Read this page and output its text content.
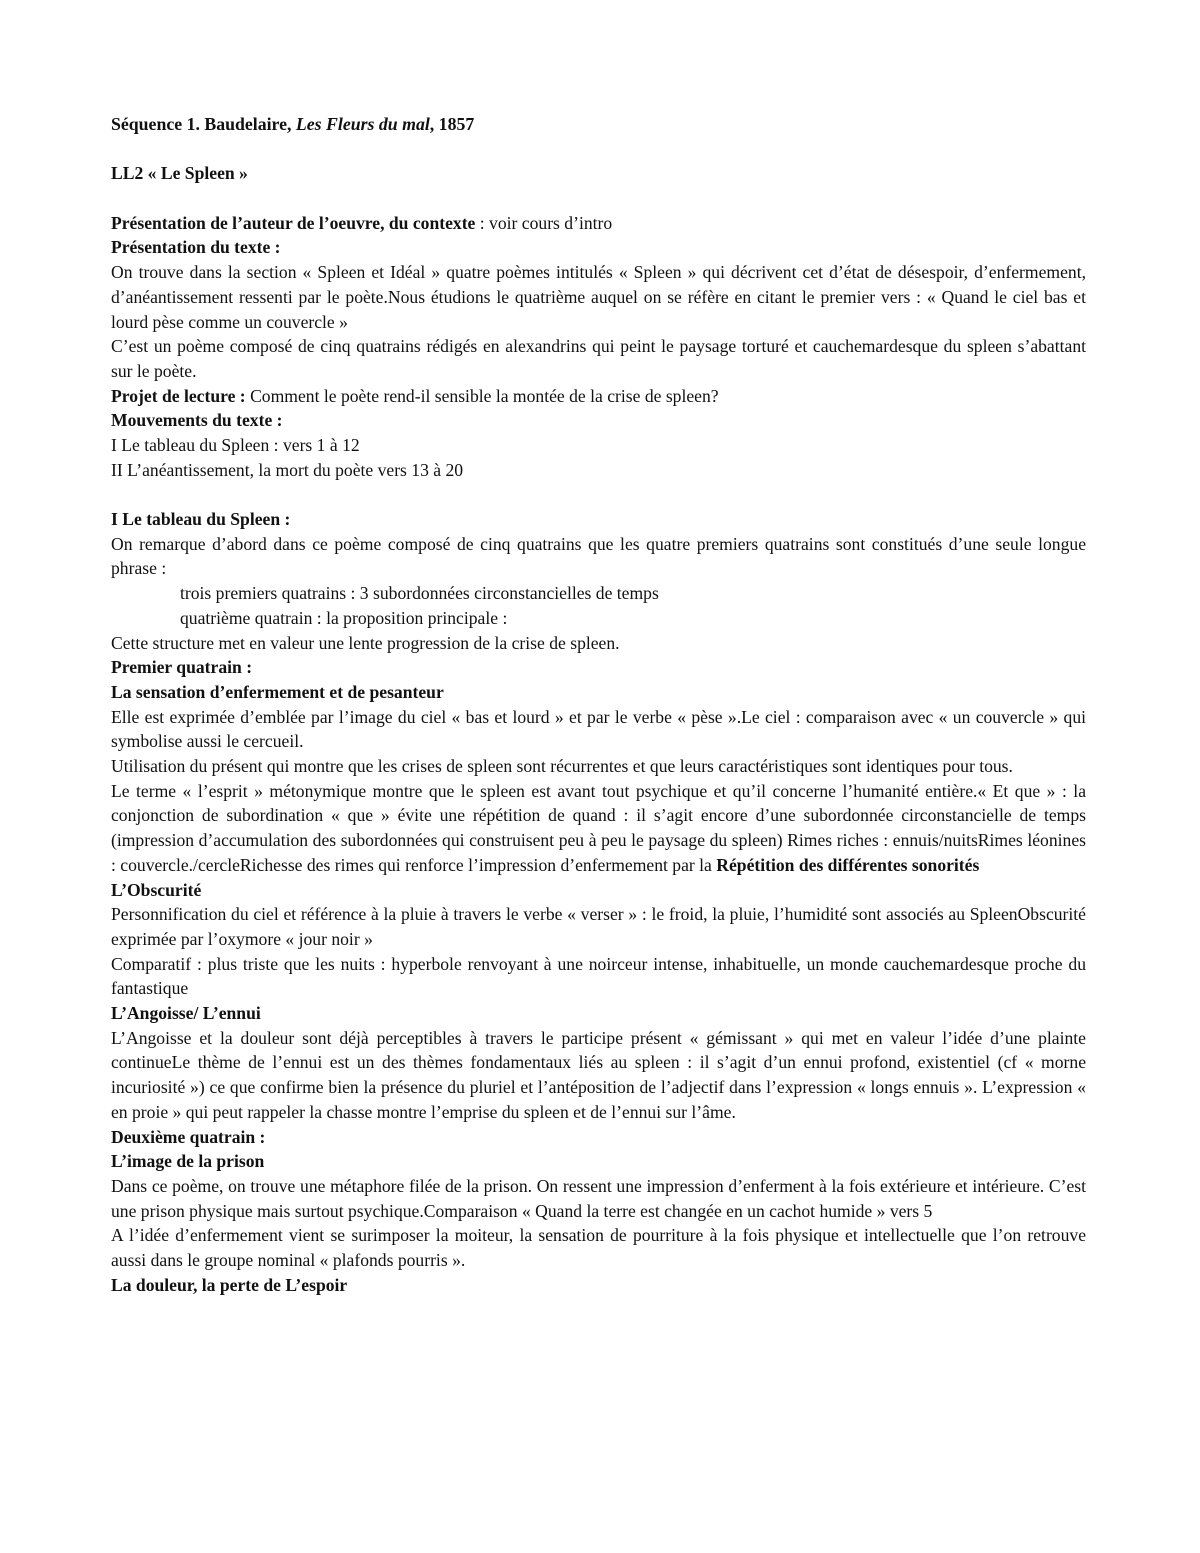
Séquence 1. Baudelaire, Les Fleurs du mal, 1857
LL2 « Le Spleen »
Présentation de l’auteur de l’oeuvre, du contexte : voir cours d’intro
Présentation du texte :
On trouve dans la section « Spleen et Idéal » quatre poèmes intitulés « Spleen » qui décrivent cet d’état de désespoir, d’enfermement, d’anéantissement ressenti par le poète.Nous étudions le quatrième auquel on se réfère en citant le premier vers : « Quand le ciel bas et lourd pèse comme un couvercle »
C’est un poème composé de cinq quatrains rédigés en alexandrins qui peint le paysage torturé et cauchemardesque du spleen s’abattant sur le poète.
Projet de lecture : Comment le poète rend-il sensible la montée de la crise de spleen?
Mouvements du texte :
I Le tableau du Spleen : vers 1 à 12
II L’anéantissement, la mort du poète vers 13 à 20
I Le tableau du Spleen :
On remarque d’abord dans ce poème composé de cinq quatrains que les quatre premiers quatrains sont constitués d’une seule longue phrase :
trois premiers quatrains : 3 subordonnées circonstancielles de temps
quatrième quatrain : la proposition principale :
Cette structure met en valeur une lente progression de la crise de spleen.
Premier quatrain :
La sensation d’enfermement et de pesanteur
Elle est exprimée d’emblée par l’image du ciel « bas et lourd » et par le verbe « pèse ».Le ciel : comparaison avec « un couvercle » qui symbolise aussi le cercueil.
Utilisation du présent qui montre que les crises de spleen sont récurrentes et que leurs caractéristiques sont identiques pour tous.
Le terme « l’esprit » métonymique montre que le spleen est avant tout psychique et qu’il concerne l’humanité entière.« Et que » : la conjonction de subordination « que » évite une répétition de quand : il s’agit encore d’une subordonnée circonstancielle de temps (impression d’accumulation des subordonnées qui construisent peu à peu le paysage du spleen) Rimes riches : ennuis/nuitsRimes léonines : couvercle./cercleRichesse des rimes qui renforce l’impression d’enfermement par la Répétition des différentes sonorités
L’Obscurité
Personnification du ciel et référence à la pluie à travers le verbe « verser » : le froid, la pluie, l’humidité sont associés au SpleenObscurité exprimée par l’oxymore « jour noir »
Comparatif : plus triste que les nuits : hyperbole renvoyant à une noirceur intense, inhabituelle, un monde cauchemardesque proche du fantastique
L’Angoisse/ L’ennui
L’Angoisse et la douleur sont déjà perceptibles à travers le participe présent « gémissant » qui met en valeur l’idée d’une plainte continueLe thème de l’ennui est un des thèmes fondamentaux liés au spleen : il s’agit d’un ennui profond, existentiel (cf « morne incuriosité ») ce que confirme bien la présence du pluriel et l’antéposition de l’adjectif dans l’expression « longs ennuis ». L’expression « en proie » qui peut rappeler la chasse montre l’emprise du spleen et de l’ennui sur l’âme.
Deuxième quatrain :
L’image de la prison
Dans ce poème, on trouve une métaphore filée de la prison. On ressent une impression d’enferment à la fois extérieure et intérieure. C’est une prison physique mais surtout psychique.Comparaison « Quand la terre est changée en un cachot humide » vers 5
A l’idée d’enfermement vient se surimposer la moiteur, la sensation de pourriture à la fois physique et intellectuelle que l’on retrouve aussi dans le groupe nominal « plafonds pourris ».
La douleur, la perte de L’espoir
